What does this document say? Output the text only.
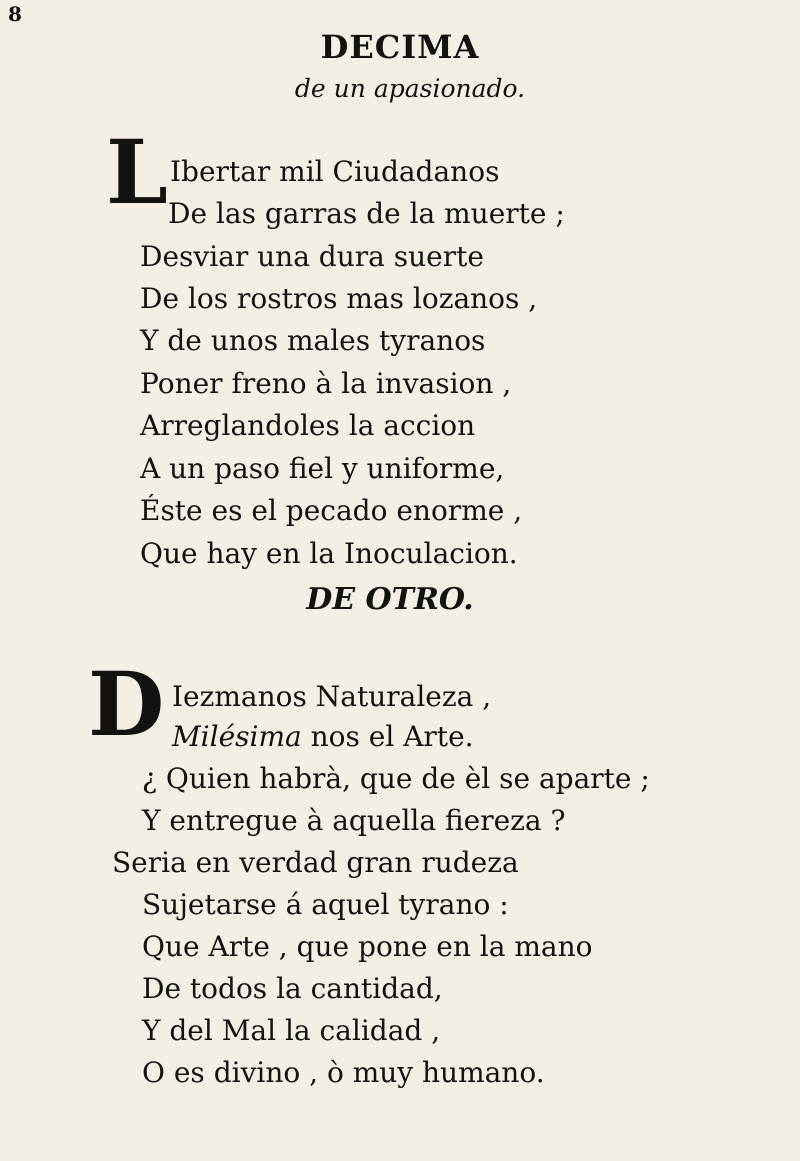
8
DECIMA
de un apasionado.
L Ibertar mil Ciudadanos
De las garras de la muerte ;
Desviar una dura suerte
De los rostros mas lozanos ,
Y de unos males tyranos
Poner freno à la invasion ,
Arreglandoles la accion
A un paso fiel y uniforme,
Éste es el pecado enorme ,
Que hay en la Inoculacion.
DE OTRO.
D Iezmanos Naturaleza ,
Milésima nos el Arte.
¿ Quien habrà, que de èl se aparte ;
Y entregue à aquella fiereza ?
Seria en verdad gran rudeza
Sujetarse á aquel tyrano :
Que Arte , que pone en la mano
De todos la cantidad,
Y del Mal la calidad ,
O es divino , ò muy humano.
